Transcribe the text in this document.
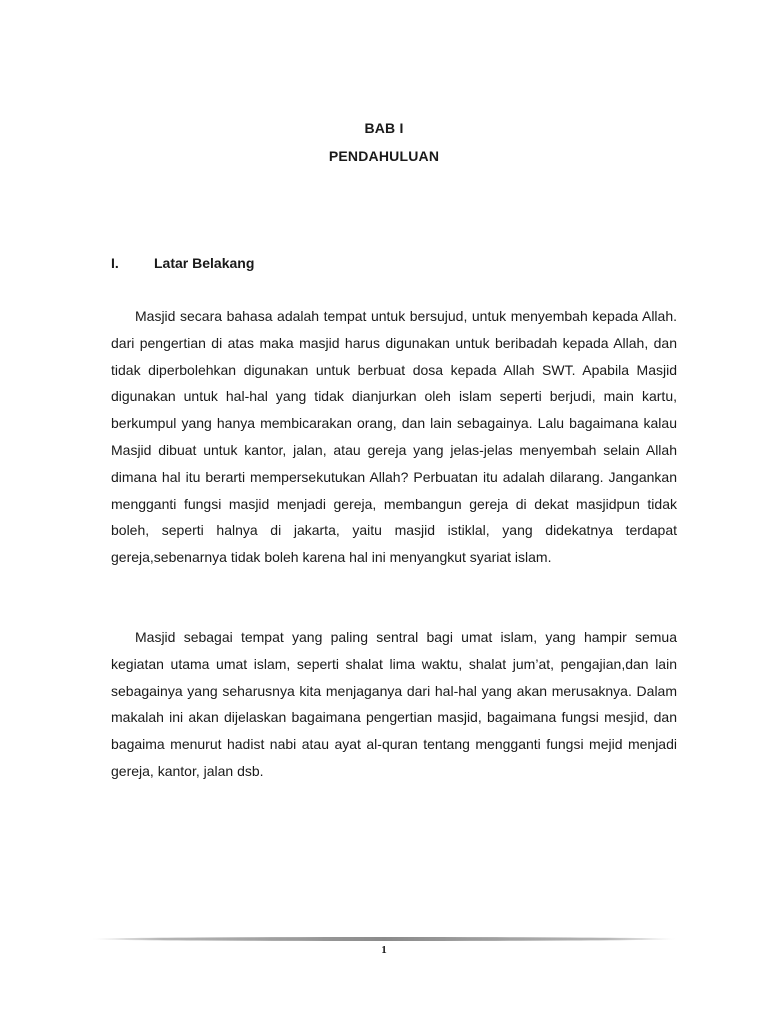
BAB I
PENDAHULUAN
I.	Latar Belakang

Masjid secara bahasa adalah tempat untuk bersujud, untuk menyembah kepada Allah. dari pengertian di atas maka masjid harus digunakan untuk beribadah kepada Allah, dan tidak diperbolehkan digunakan untuk berbuat dosa kepada Allah SWT. Apabila Masjid digunakan untuk hal-hal yang tidak dianjurkan oleh islam seperti berjudi, main kartu, berkumpul yang hanya membicarakan orang, dan lain sebagainya. Lalu bagaimana kalau Masjid dibuat untuk kantor, jalan, atau gereja yang jelas-jelas menyembah selain Allah dimana hal itu berarti mempersekutukan Allah? Perbuatan itu adalah dilarang. Jangankan mengganti fungsi masjid menjadi gereja, membangun gereja di dekat masjidpun tidak boleh, seperti halnya di jakarta, yaitu masjid istiklal, yang didekatnya terdapat gereja,sebenarnya tidak boleh karena hal ini menyangkut syariat islam.

Masjid sebagai tempat yang paling sentral bagi umat islam, yang hampir semua kegiatan utama umat islam, seperti shalat lima waktu, shalat jum’at, pengajian,dan lain sebagainya yang seharusnya kita menjaganya dari hal-hal yang akan merusaknya. Dalam makalah ini akan dijelaskan bagaimana pengertian masjid, bagaimana fungsi mesjid, dan bagaima menurut hadist nabi atau ayat al-quran tentang mengganti fungsi mejid menjadi gereja, kantor, jalan dsb.

1
